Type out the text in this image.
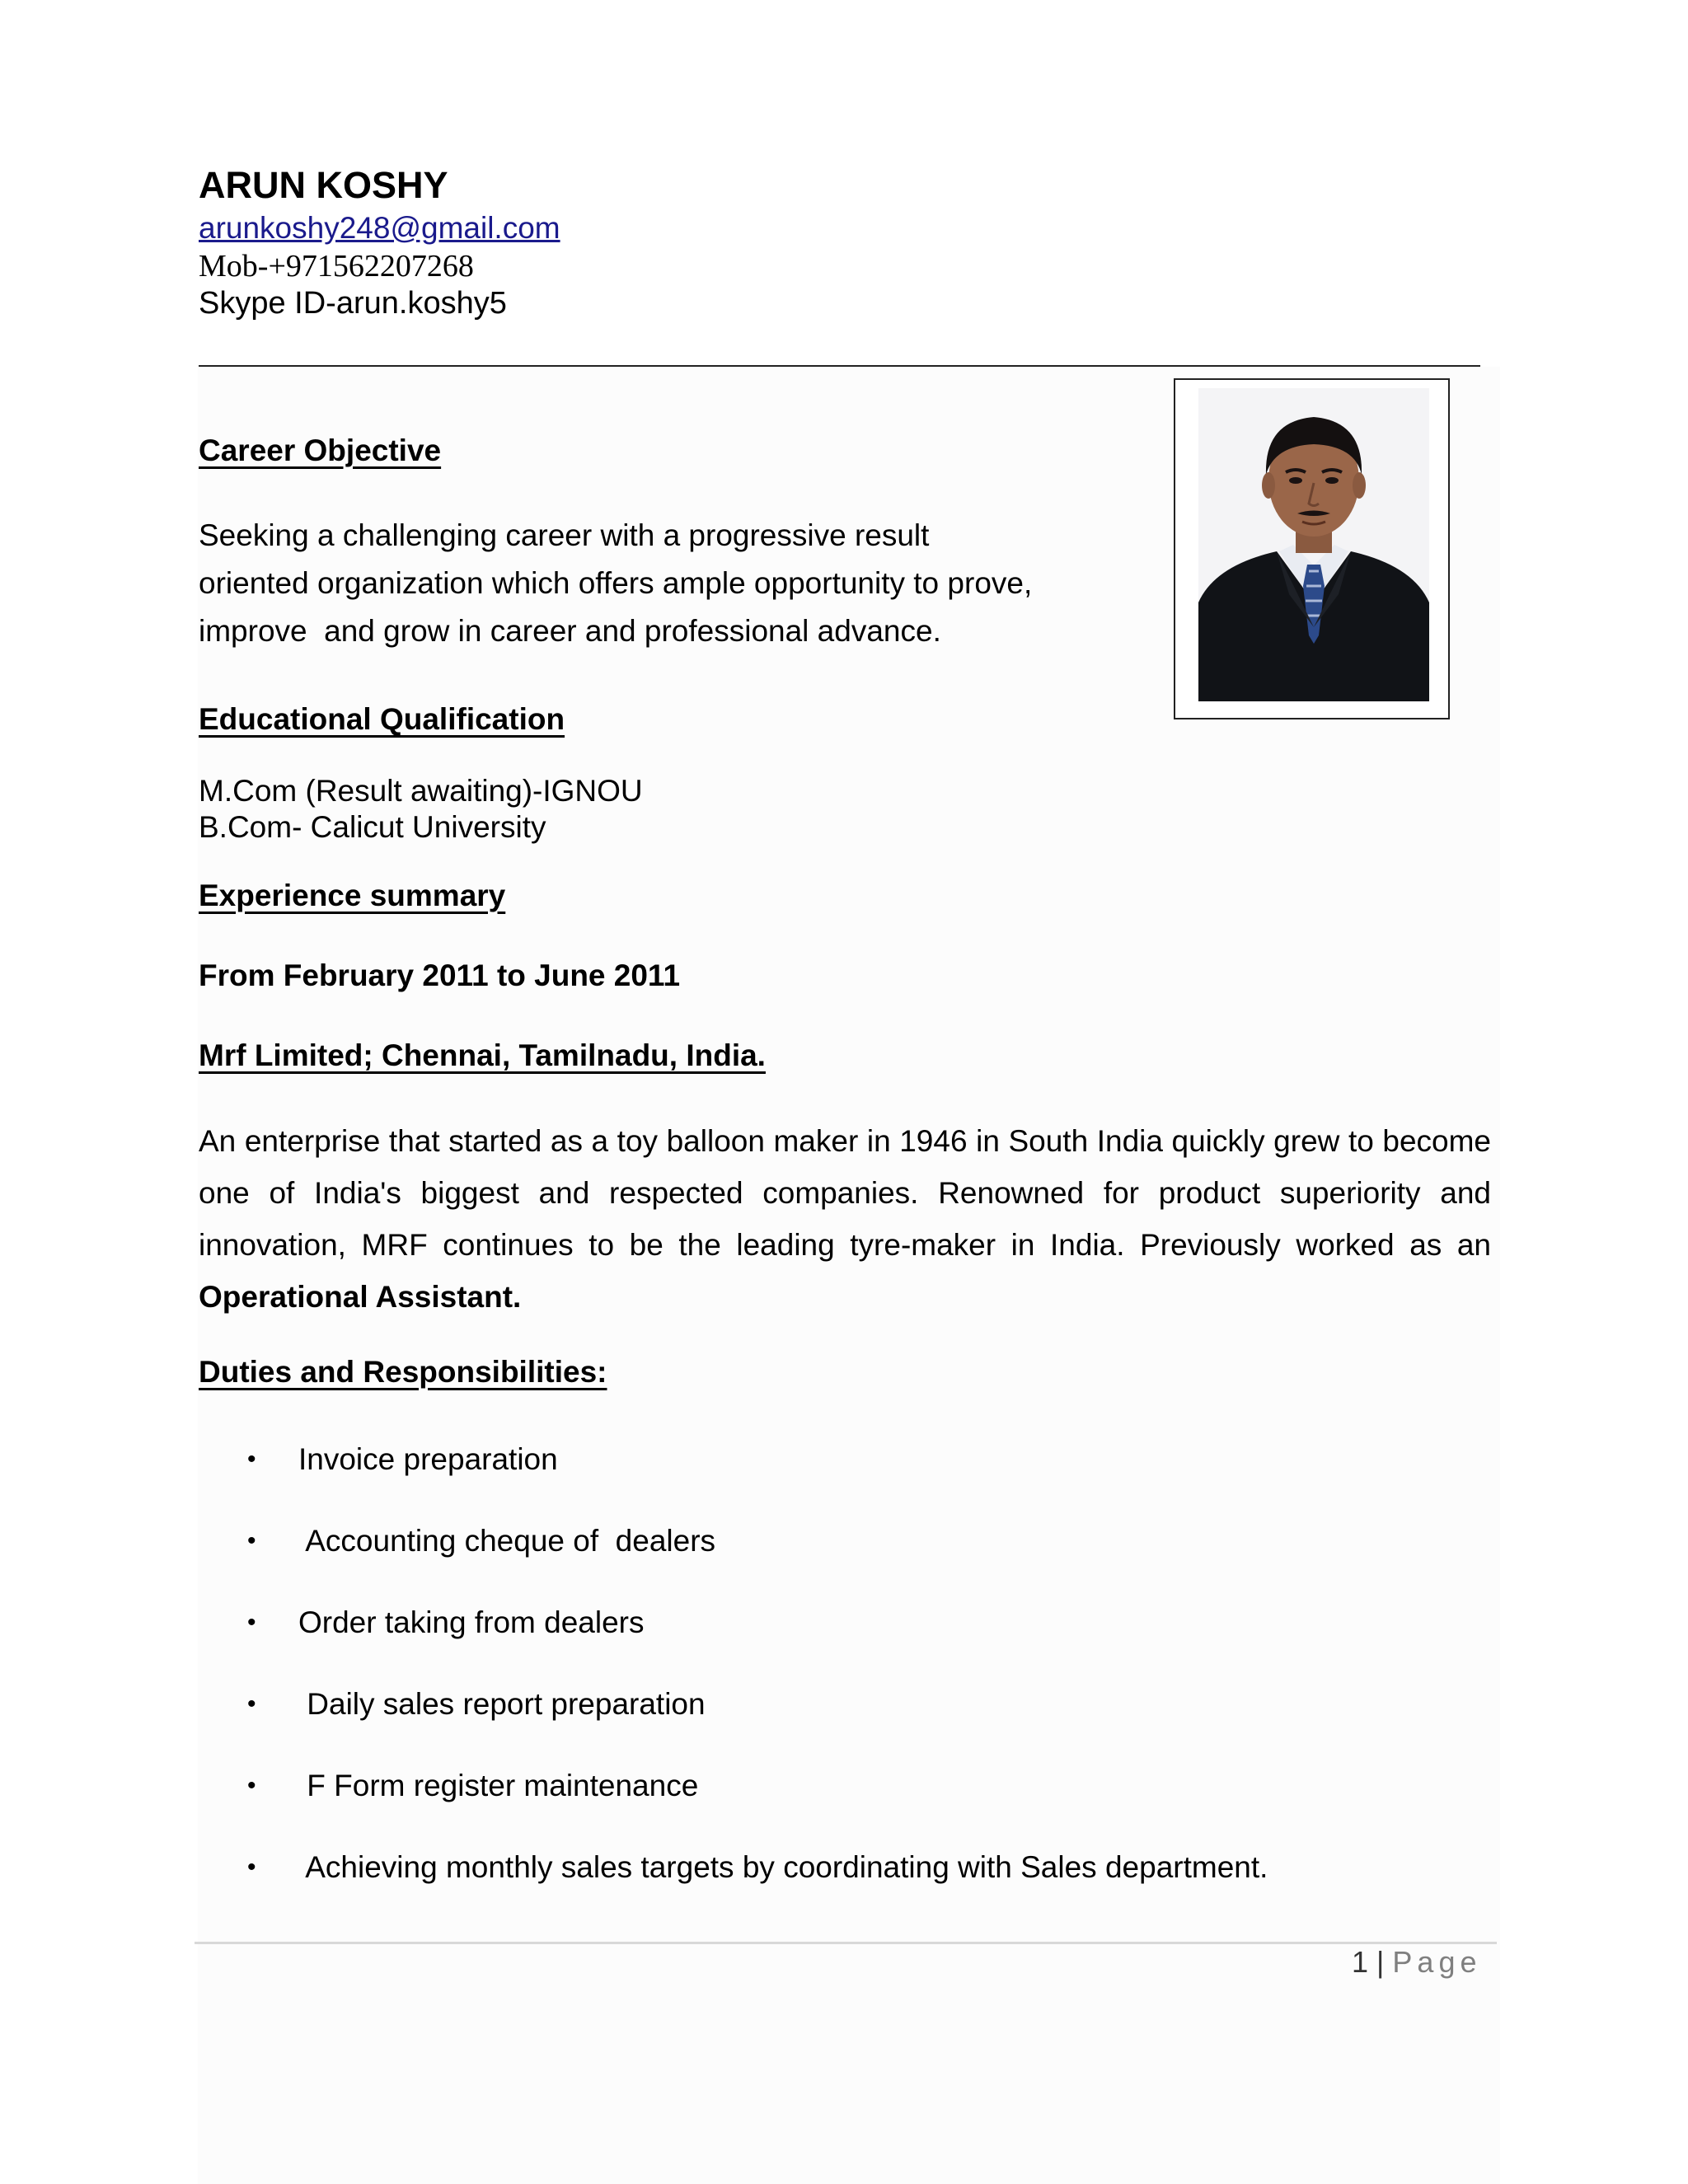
ARUN KOSHY
arunkoshy248@gmail.com
Mob-+971562207268
Skype ID-arun.koshy5
Career Objective
Seeking a challenging career with a progressive result
oriented organization which offers ample opportunity to prove,
improve  and grow in career and professional advance.
Educational Qualification
M.Com (Result awaiting)-IGNOU
B.Com- Calicut University
Experience summary
From February 2011 to June 2011
Mrf Limited; Chennai, Tamilnadu, India.
An enterprise that started as a toy balloon maker in 1946 in South India quickly grew to become one of India's biggest and respected companies. Renowned for product superiority and innovation, MRF continues to be the leading tyre-maker in India. Previously worked as an
Operational Assistant.
Duties and Responsibilities:
• Invoice preparation
• Accounting cheque of  dealers
• Order taking from dealers
• Daily sales report preparation
• F Form register maintenance
• Achieving monthly sales targets by coordinating with Sales department.
1 | Page
